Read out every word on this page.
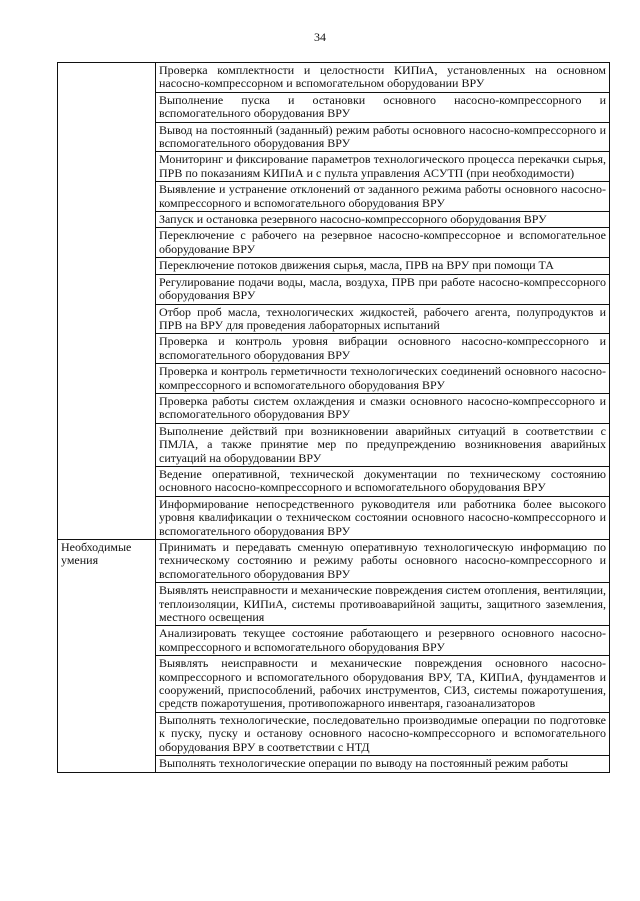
34
	Проверка комплектности и целостности КИПиА, установленных на основном насосно-компрессорном и вспомогательном оборудовании ВРУ
	Выполнение пуска и остановки основного насосно-компрессорного и вспомогательного оборудования ВРУ
	Вывод на постоянный (заданный) режим работы основного насосно-компрессорного и вспомогательного оборудования ВРУ
	Мониторинг и фиксирование параметров технологического процесса перекачки сырья, ПРВ по показаниям КИПиА и с пульта управления АСУТП (при необходимости)
	Выявление и устранение отклонений от заданного режима работы основного насосно-компрессорного и вспомогательного оборудования ВРУ
	Запуск и остановка резервного насосно-компрессорного оборудования ВРУ
	Переключение с рабочего на резервное насосно-компрессорное и вспомогательное оборудование ВРУ
	Переключение потоков движения сырья, масла, ПРВ на ВРУ при помощи ТА
	Регулирование подачи воды, масла, воздуха, ПРВ при работе насосно-компрессорного оборудования ВРУ
	Отбор проб масла, технологических жидкостей, рабочего агента, полупродуктов и ПРВ на ВРУ для проведения лабораторных испытаний
	Проверка и контроль уровня вибрации основного насосно-компрессорного и вспомогательного оборудования ВРУ
	Проверка и контроль герметичности технологических соединений основного насосно-компрессорного и вспомогательного оборудования ВРУ
	Проверка работы систем охлаждения и смазки основного насосно-компрессорного и вспомогательного оборудования ВРУ
	Выполнение действий при возникновении аварийных ситуаций в соответствии с ПМЛА, а также принятие мер по предупреждению возникновения аварийных ситуаций на оборудовании ВРУ
	Ведение оперативной, технической документации по техническому состоянию основного насосно-компрессорного и вспомогательного оборудования ВРУ
	Информирование непосредственного руководителя или работника более высокого уровня квалификации о техническом состоянии основного насосно-компрессорного и вспомогательного оборудования ВРУ
Необходимые умения	Принимать и передавать сменную оперативную технологическую информацию по техническому состоянию и режиму работы основного насосно-компрессорного и вспомогательного оборудования ВРУ
	Выявлять неисправности и механические повреждения систем отопления, вентиляции, теплоизоляции, КИПиА, системы противоаварийной защиты, защитного заземления, местного освещения
	Анализировать текущее состояние работающего и резервного основного насосно-компрессорного и вспомогательного оборудования ВРУ
	Выявлять неисправности и механические повреждения основного насосно-компрессорного и вспомогательного оборудования ВРУ, ТА, КИПиА, фундаментов и сооружений, приспособлений, рабочих инструментов, СИЗ, системы пожаротушения, средств пожаротушения, противопожарного инвентаря, газоанализаторов
	Выполнять технологические, последовательно производимые операции по подготовке к пуску, пуску и останову основного насосно-компрессорного и вспомогательного оборудования ВРУ в соответствии с НТД
	Выполнять технологические операции по выводу на постоянный режим работы
